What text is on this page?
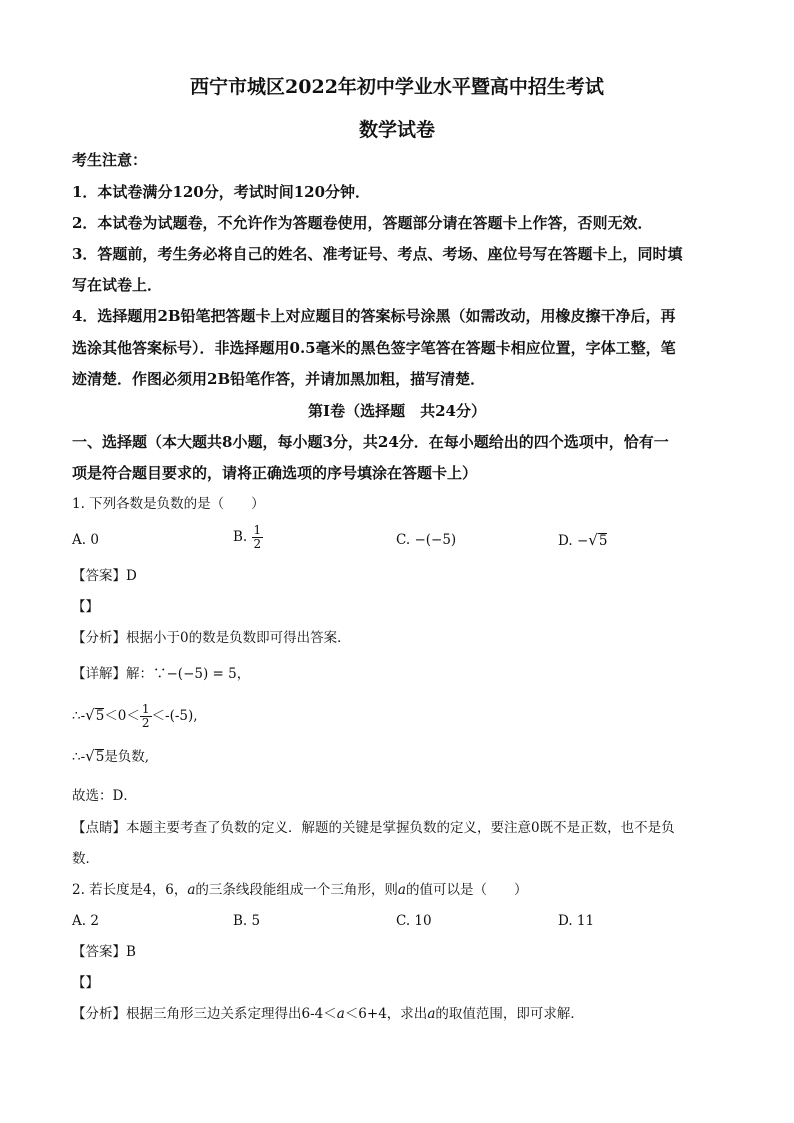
西宁市城区2022年初中学业水平暨高中招生考试
数学试卷
考生注意：
1．本试卷满分120分，考试时间120分钟．
2．本试卷为试题卷，不允许作为答题卷使用，答题部分请在答题卡上作答，否则无效．
3．答题前，考生务必将自己的姓名、准考证号、考点、考场、座位号写在答题卡上，同时填
写在试卷上．
4．选择题用2B铅笔把答题卡上对应题目的答案标号涂黑（如需改动，用橡皮擦干净后，再
选涂其他答案标号）．非选择题用0.5毫米的黑色签字笔答在答题卡相应位置，字体工整，笔
迹清楚．作图必须用2B铅笔作答，并请加黑加粗，描写清楚．
第Ⅰ卷（选择题　共24分）
一、选择题（本大题共8小题，每小题3分，共24分．在每小题给出的四个选项中，恰有一
项是符合题目要求的，请将正确选项的序号填涂在答题卡上）
1. 下列各数是负数的是（　　）
A. 0	B. $\frac{1}{2}$	C. −(−5)	D. −√5
【答案】D
【】
【分析】根据小于0的数是负数即可得出答案．
【详解】解：∵−(−5) = 5，
∴-√5＜0＜ $\frac{1}{2} <-(-5)$,
∴-√5是负数,
故选：D．
【点睛】本题主要考查了负数的定义．解题的关键是掌握负数的定义，要注意0既不是正数，也不是负
数．
2. 若长度是4，6，a的三条线段能组成一个三角形，则a的值可以是（　　）
A. 2	B. 5	C. 10	D. 11
【答案】B
【】
【分析】根据三角形三边关系定理得出6-4＜a＜6+4，求出a的取值范围，即可求解．
